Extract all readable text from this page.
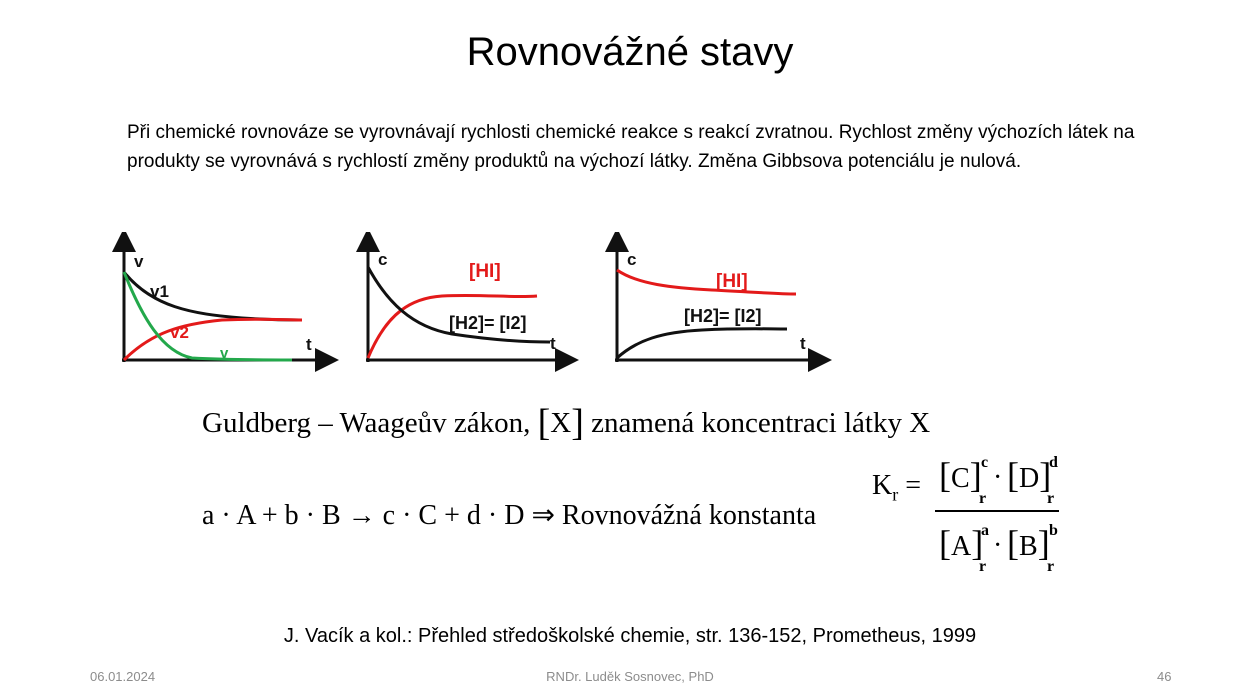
Rovnovážné stavy
Při chemické rovnováze se vyrovnávají rychlosti chemické reakce s reakcí zvratnou. Rychlost změny výchozích látek na produkty se vyrovnává s rychlostí změny produktů na výchozí látky. Změna Gibbsova potenciálu je nulová.
v
v1
v2
v	t
c
[HI]
[H2]= [I2]
t
c
[HI]
[H2]= [I2]
t
Guldberg – Waageův zákon, [X] znamená koncentraci látky X
a · A + b · B → c · C + d · D ⇒ Rovnovážná konstanta
$K_r = [C]$ c
r
· [D]
d
r
[A]
a
r
· [B] b
r
J. Vacík a kol.: Přehled středoškolské chemie, str. 136-152, Prometheus, 1999
06.01.2024	RNDr. Luděk Sosnovec, PhD	46
